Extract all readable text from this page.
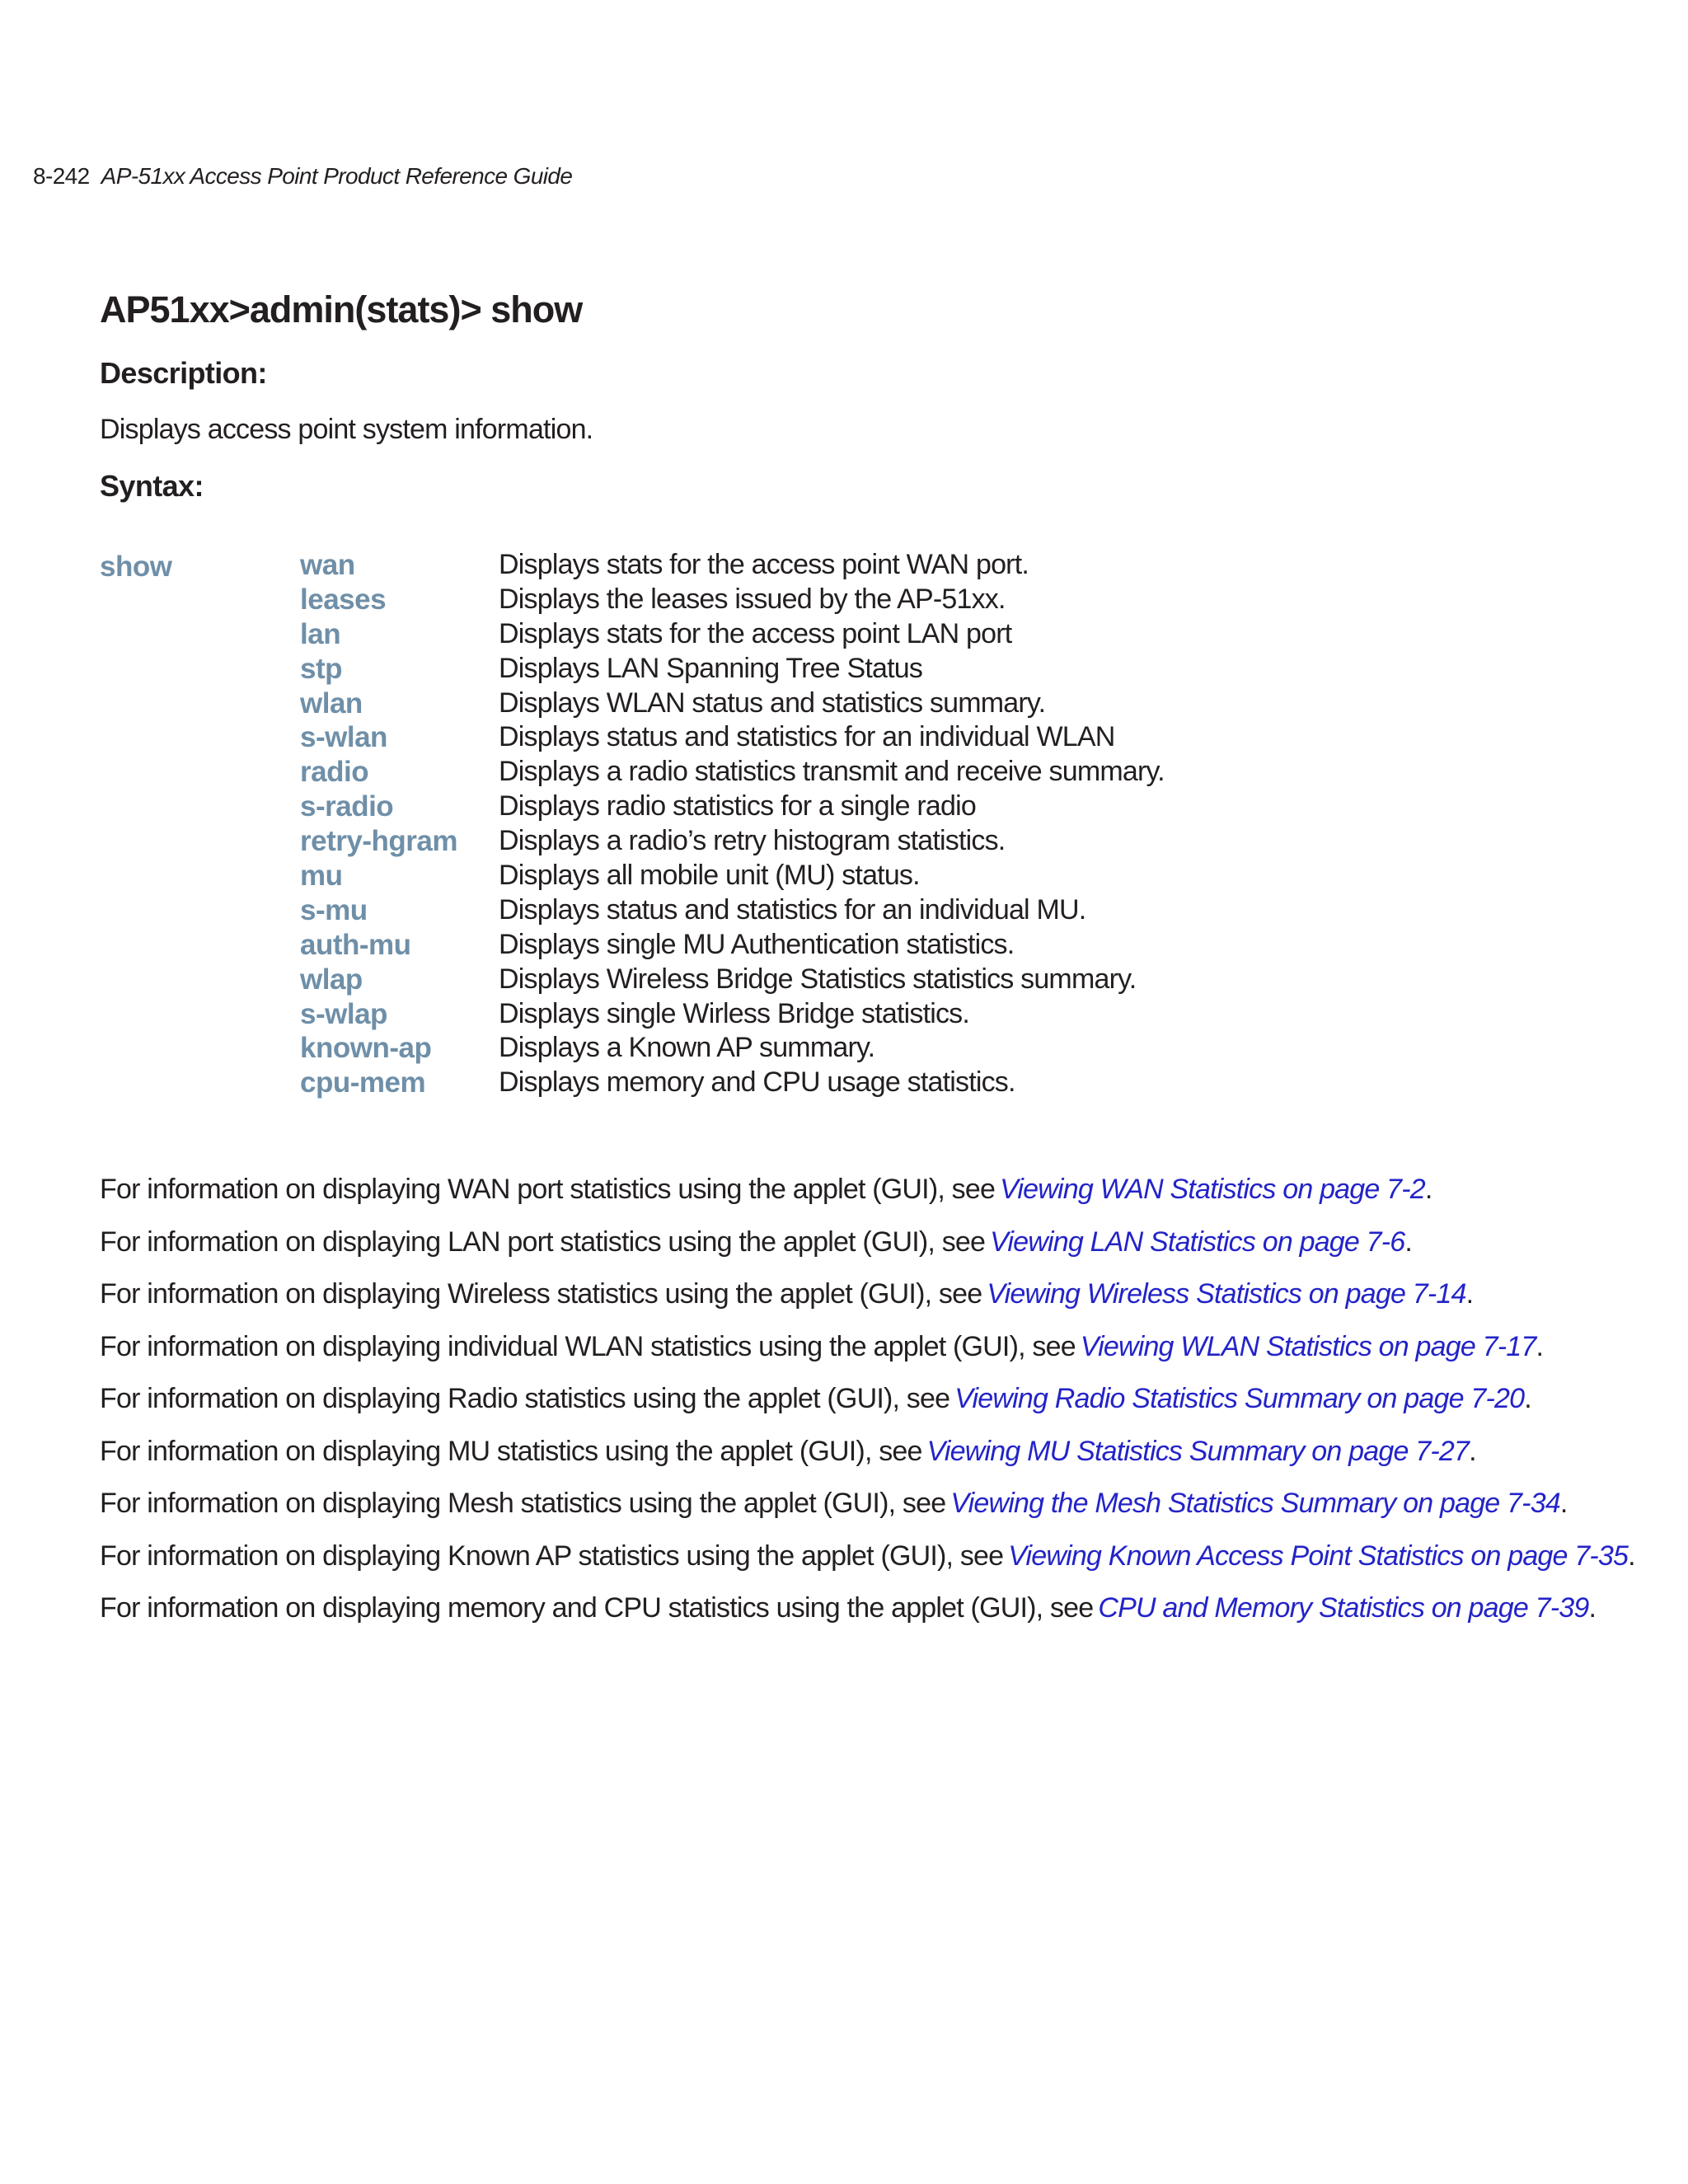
8-242 AP-51xx Access Point Product Reference Guide
AP51xx>admin(stats)> show
Description:

Displays access point system information.

Syntax:
show	wan	Displays stats for the access point WAN port.
leases	Displays the leases issued by the AP-51xx.
lan	Displays stats for the access point LAN port
stp	Displays LAN Spanning Tree Status
wlan	Displays WLAN status and statistics summary.
s-wlan	Displays status and statistics for an individual WLAN
radio	Displays a radio statistics transmit and receive summary.
s-radio	Displays radio statistics for a single radio
retry-hgram Displays a radio’s retry histogram statistics.
mu	Displays all mobile unit (MU) status.
s-mu	Displays status and statistics for an individual MU.
auth-mu	Displays single MU Authentication statistics.
wlap	Displays Wireless Bridge Statistics statistics summary.
s-wlap	Displays single Wirless Bridge statistics.
known-ap Displays a Known AP summary.
cpu-mem	Displays memory and CPU usage statistics.
For information on displaying WAN port statistics using the applet (GUI), see Viewing WAN Statistics on page 7-2.
For information on displaying LAN port statistics using the applet (GUI), see Viewing LAN Statistics on page 7-6.
For information on displaying Wireless statistics using the applet (GUI), see Viewing Wireless Statistics on page 7-14.
For information on displaying individual WLAN statistics using the applet (GUI), see Viewing WLAN Statistics on page 7-17.
For information on displaying Radio statistics using the applet (GUI), see Viewing Radio Statistics Summary on page 7-20.
For information on displaying MU statistics using the applet (GUI), see Viewing MU Statistics Summary on page 7-27.
For information on displaying Mesh statistics using the applet (GUI), see Viewing the Mesh Statistics Summary on page 7-34.
For information on displaying Known AP statistics using the applet (GUI), see Viewing Known Access Point Statistics on page 7-35.
For information on displaying memory and CPU statistics using the applet (GUI), see CPU and Memory Statistics on page 7-39.
